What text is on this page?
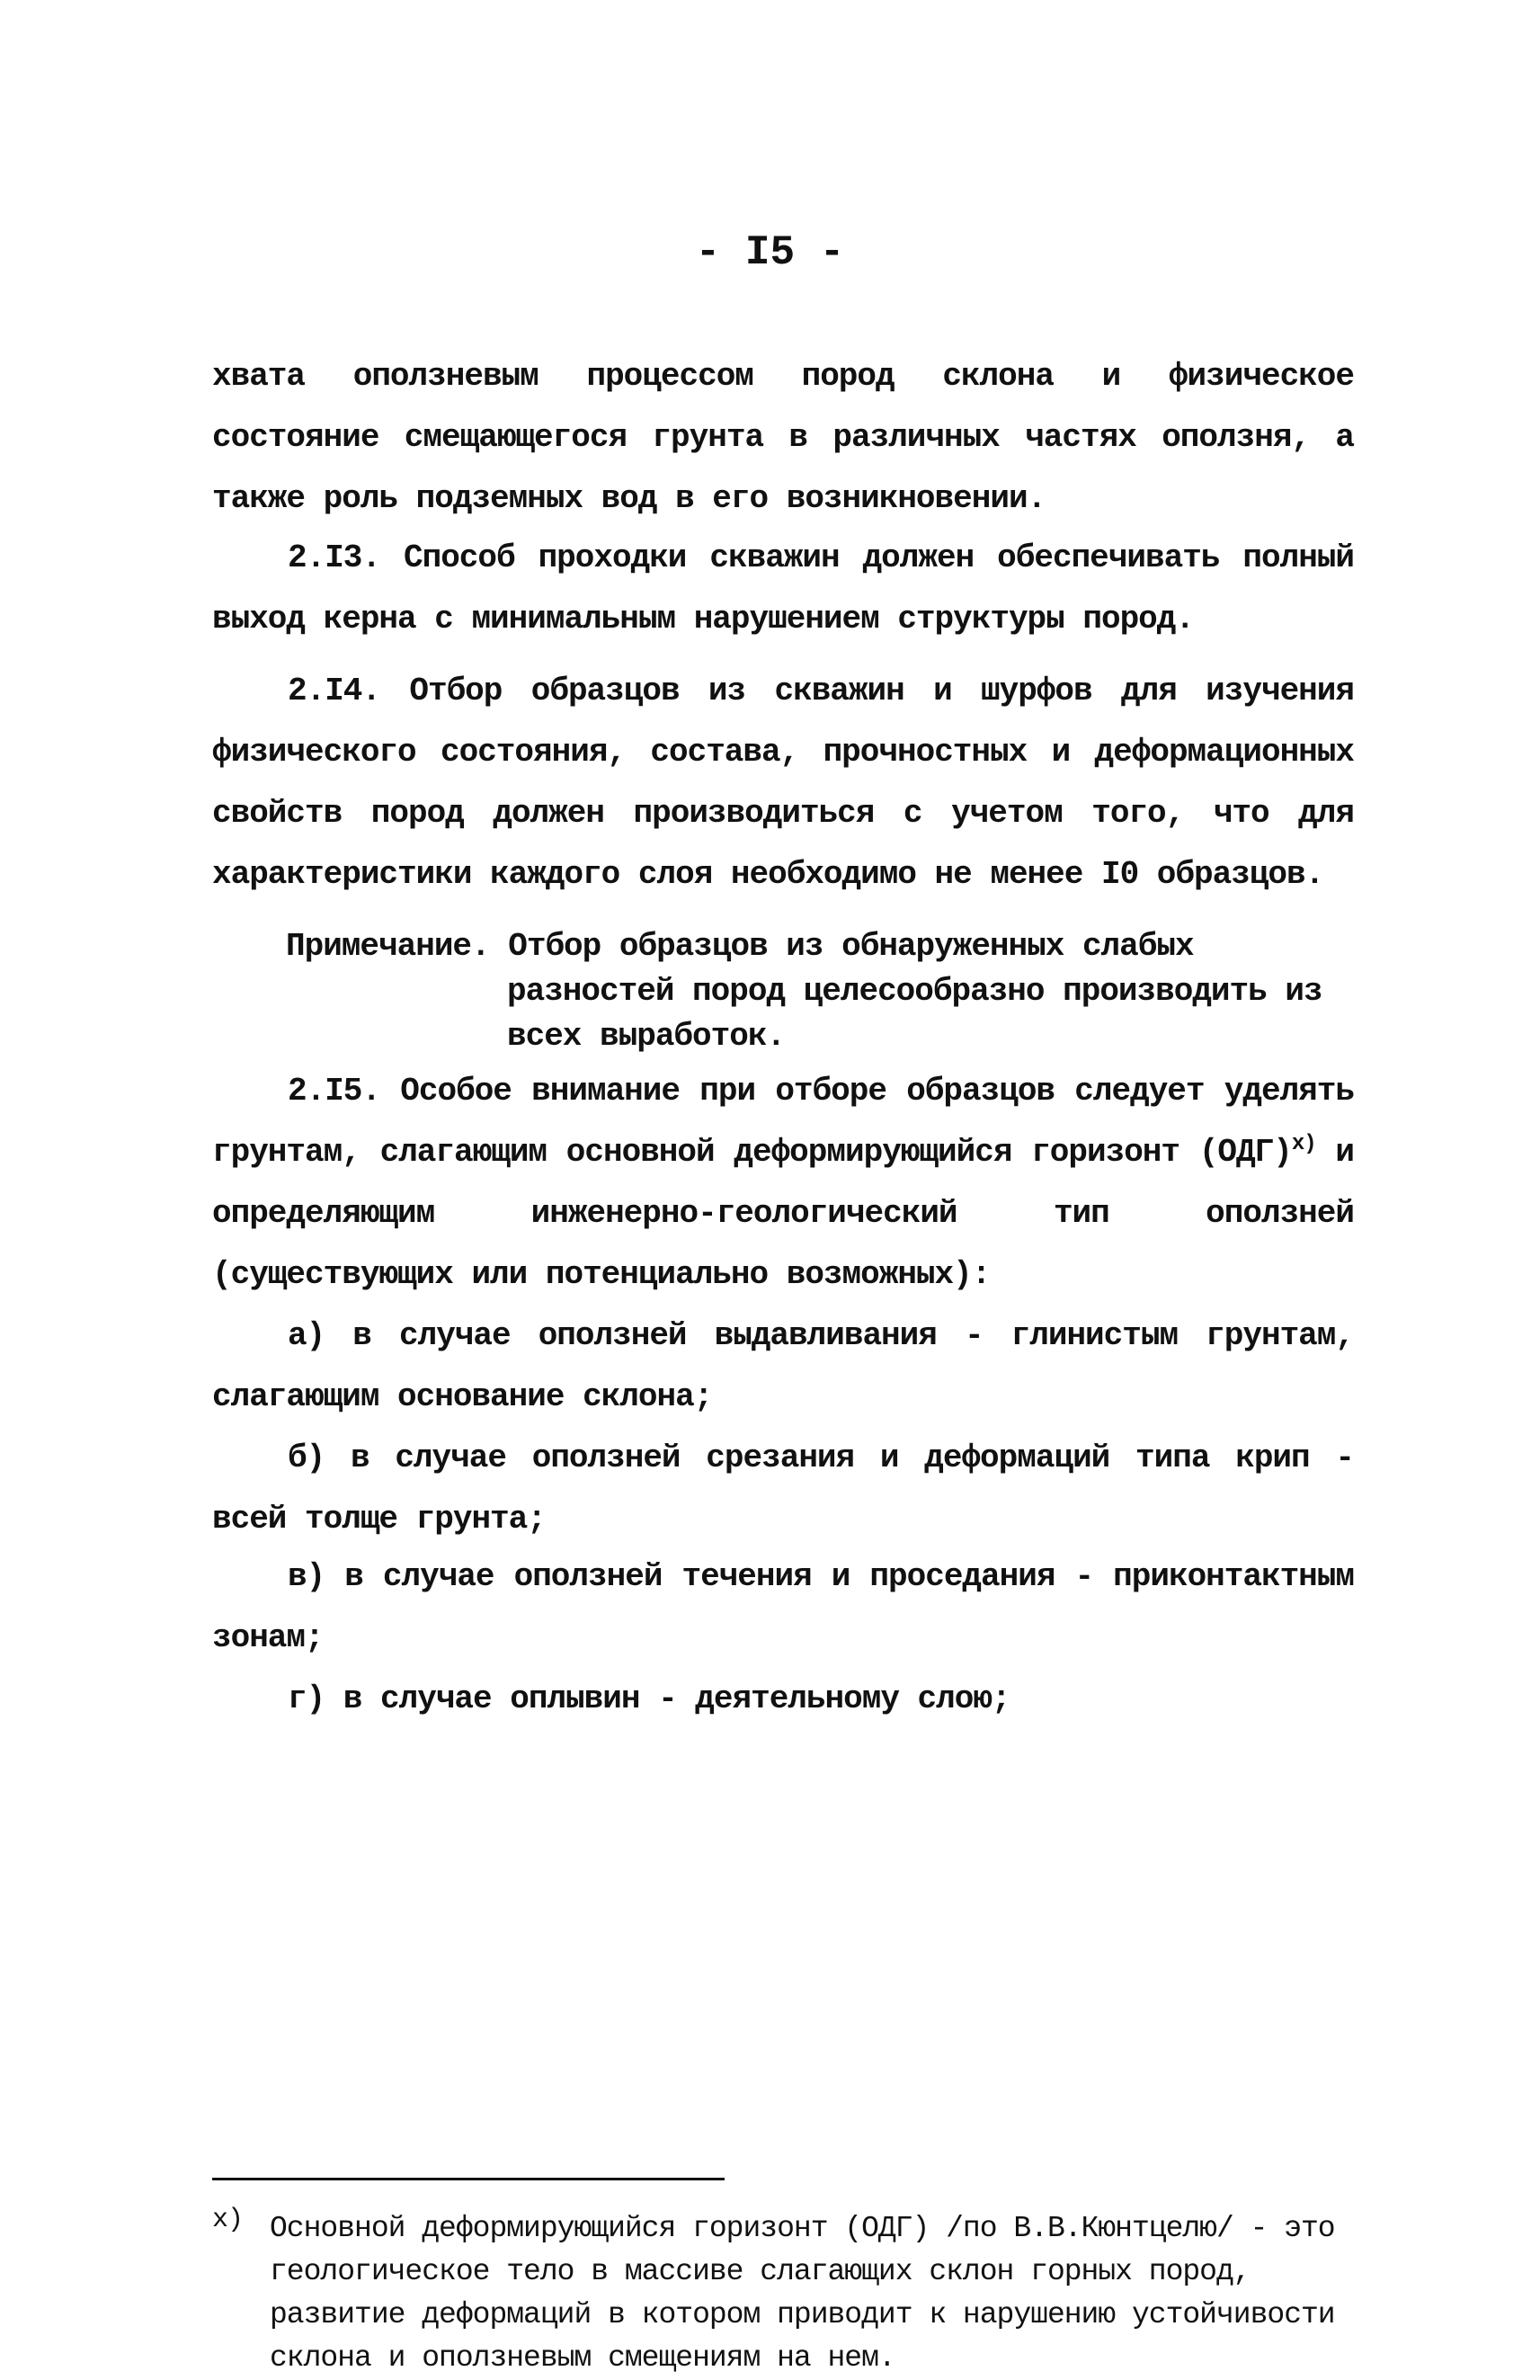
- I5 -
хвата оползневым процессом пород склона и физическое состояние смещающегося грунта в различных частях оползня, а также роль подземных вод в его возникновении.
2.I3. Способ проходки скважин должен обеспечивать полный выход керна с минимальным нарушением структуры пород.
2.I4. Отбор образцов из скважин и шурфов для изучения физического состояния, состава, прочностных и деформационных свойств пород должен производиться с учетом того, что для характеристики каждого слоя необходимо не менее I0 образцов.
Примечание. Отбор образцов из обнаруженных слабых разностей пород целесообразно производить из всех выработок.
2.I5. Особое внимание при отборе образцов следует уделять грунтам, слагающим основной деформирующийся горизонт (ОДГ)$^{х)}$ и определяющим инженерно-геологический тип оползней (существующих или потенциально возможных):
а) в случае оползней выдавливания - глинистым грунтам, слагающим основание склона;
б) в случае оползней срезания и деформаций типа крип - всей толще грунта;
в) в случае оползней течения и проседания - приконтактным зонам;
г) в случае оплывин - деятельному слою;
х) Основной деформирующийся горизонт (ОДГ) /по В.В.Кюнтцелю/ - это геологическое тело в массиве слагающих склон горных пород, развитие деформаций в котором приводит к нарушению устойчивости склона и оползневым смещениям на нем.
